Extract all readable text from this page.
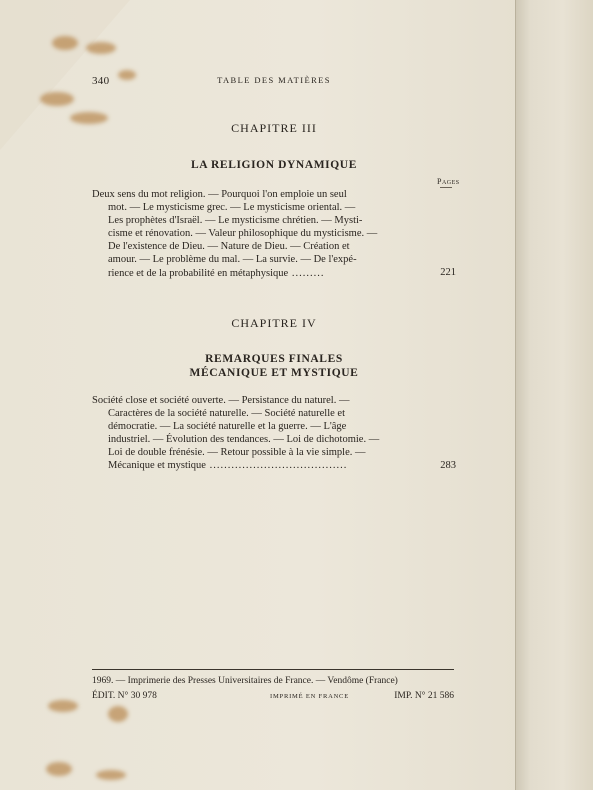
340	TABLE DES MATIÈRES
CHAPITRE III
LA RELIGION DYNAMIQUE
Pages
Deux sens du mot religion. — Pourquoi l'on emploie un seul
mot. — Le mysticisme grec. — Le mysticisme oriental. —
Les prophètes d'Israël. — Le mysticisme chrétien. — Mysti-
cisme et rénovation. — Valeur philosophique du mysticisme. —
De l'existence de Dieu. — Nature de Dieu. — Création et
amour. — Le problème du mal. — La survie. — De l'expé-
rience et de la probabilité en métaphysique .........	221
CHAPITRE IV
REMARQUES FINALES
MÉCANIQUE ET MYSTIQUE
Société close et société ouverte. — Persistance du naturel. —
Caractères de la société naturelle. — Société naturelle et
démocratie. — La société naturelle et la guerre. — L'âge
industriel. — Évolution des tendances. — Loi de dichotomie. —
Loi de double frénésie. — Retour possible à la vie simple. —
Mécanique et mystique ......................................	283
1969. — Imprimerie des Presses Universitaires de France. — Vendôme (France)
ÉDIT. N° 30 978	IMPRIMÉ EN FRANCE	IMP. N° 21 586
